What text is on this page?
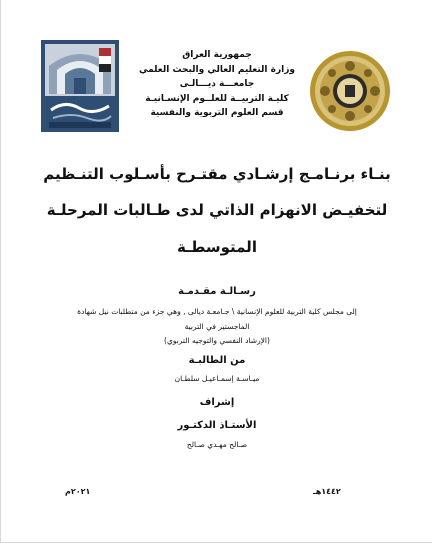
جمهورية العراق
وزارة التعليم العالي والبحث العلمي
جامعـــة ديـــالـى
كليـة التربيــة للعلــوم الإنسـانيـة
قسم العلوم التربوية والنفسية
بنـاء برنـامـج إرشـادي مقتـرح بأسـلوب التنـظيم
لتخفيـض الانهزام الذاتي لدى طـالبات المرحلـة
المتوسطـة
رسـالـة مقـدمـة
إلى مجلس كلية التربية للعلوم الإنسانية \ جـامعـة ديالى , وهي جزء من متطلبات نيل شهادة
الماجستير في التربية
(الإرشاد النفسي والتوجيه التربوي)
من الطالبـة
ميـاسـة إسمـاعيـل سلطـان
إشراف
الأستـاذ الدكتـور
صـالح مهـدي صـالح
٢٠٢١م	١٤٤٢هـ
